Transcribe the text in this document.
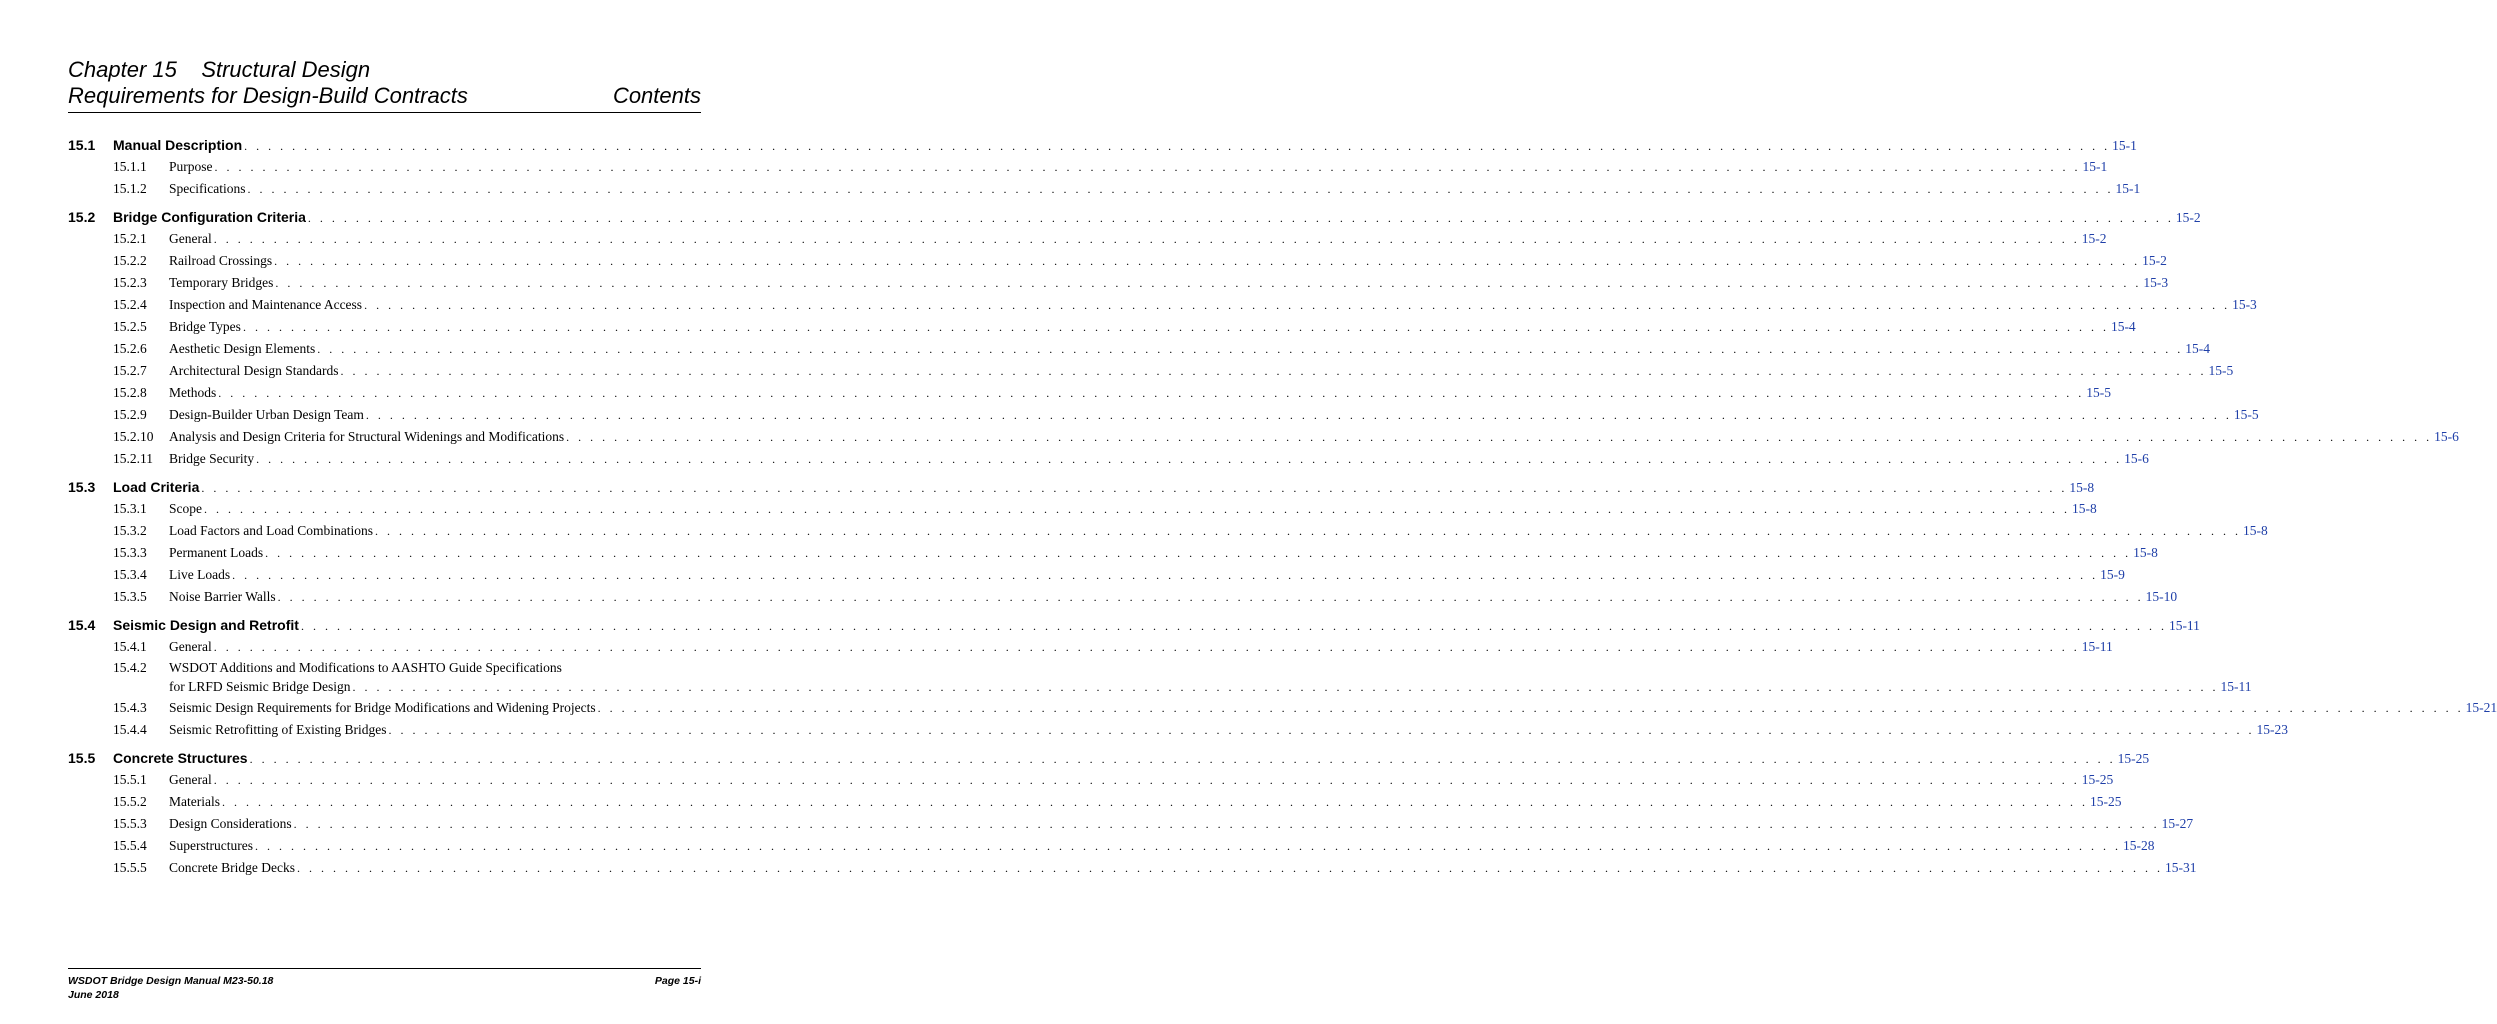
Chapter 15 Structural Design
Requirements for Design-Build Contracts	Contents
15.1	Manual Description . . .	15-1
15.1.1	Purpose . . .	15-1
15.1.2	Specifications . . .	15-1
15.2	Bridge Configuration Criteria . . .	15-2
15.2.1	General . . .	15-2
15.2.2	Railroad Crossings . . .	15-2
15.2.3	Temporary Bridges . . .	15-3
15.2.4	Inspection and Maintenance Access . . .	15-3
15.2.5	Bridge Types . . .	15-4
15.2.6	Aesthetic Design Elements . . .	15-4
15.2.7	Architectural Design Standards . . .	15-5
15.2.8	Methods . . .	15-5
15.2.9	Design-Builder Urban Design Team . . .	15-5
15.2.10	Analysis and Design Criteria for Structural Widenings and Modifications . . .	15-6
15.2.11	Bridge Security . . .	15-6
15.3	Load Criteria . . .	15-8
15.3.1	Scope . . .	15-8
15.3.2	Load Factors and Load Combinations . . .	15-8
15.3.3	Permanent Loads . . .	15-8
15.3.4	Live Loads . . .	15-9
15.3.5	Noise Barrier Walls . . .	15-10
15.4	Seismic Design and Retrofit . . .	15-11
15.4.1	General . . .	15-11
15.4.2	WSDOT Additions and Modifications to AASHTO Guide Specifications
for LRFD Seismic Bridge Design . . .	15-11
15.4.3	Seismic Design Requirements for Bridge Modifications and Widening Projects . . .	15-21
15.4.4	Seismic Retrofitting of Existing Bridges . . .	15-23
15.5	Concrete Structures . . .	15-25
15.5.1	General . . .	15-25
15.5.2	Materials . . .	15-25
15.5.3	Design Considerations . . .	15-27
15.5.4	Superstructures . . .	15-28
15.5.5	Concrete Bridge Decks . . .	15-31
WSDOT Bridge Design Manual M23-50.18	Page 15-i
June 2018
